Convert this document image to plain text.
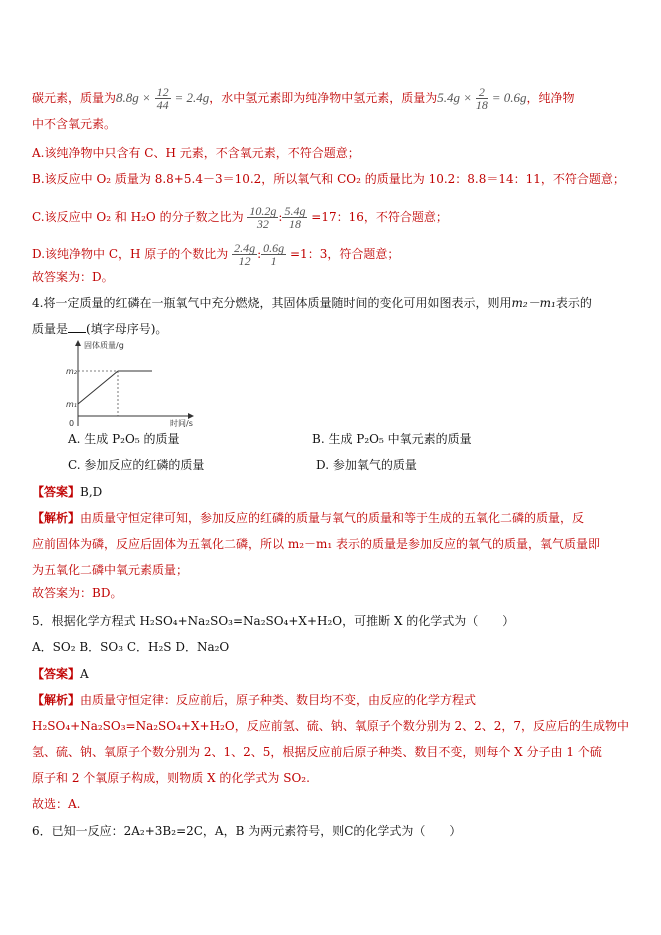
碳元素，质量为$8.8g \times \frac{12}{44} = 2.4g$，水中氢元素即为纯净物中氢元素，质量为$5.4g \times \frac{2}{18} = 0.6g$，纯净物
中不含氧元素。
A.该纯净物中只含有 C、H 元素，不含氧元素，不符合题意；
B.该反应中 O₂ 质量为 8.8+5.4－3＝10.2，所以氧气和 CO₂ 的质量比为 10.2：8.8＝14：11，不符合题意；
C.该反应中 O₂ 和 H₂O 的分子数之比为 $\frac{10.2g}{32}$ : $\frac{5.4g}{18} =17$：16，不符合题意；
D.该纯净物中 C，H 原子的个数比为 $\frac{2.4g}{12}$ : $\frac{0.6g}{1} =1$：3，符合题意；
故答案为：D。
4.将一定质量的红磷在一瓶氧气中充分燃烧，其固体质量随时间的变化可用如图表示，则用m₂－m₁表示的
质量是 (填字母序号)。
固体质量/g
时间/s
m₂
m₁
0
A. 生成 P₂O₅ 的质量	B. 生成 P₂O₅ 中氧元素的质量
C. 参加反应的红磷的质量	D. 参加氧气的质量
【答案】B,D
【解析】由质量守恒定律可知，参加反应的红磷的质量与氧气的质量和等于生成的五氧化二磷的质量，反
应前固体为磷，反应后固体为五氧化二磷，所以 m₂－m₁ 表示的质量是参加反应的氧气的质量，氧气质量即
为五氧化二磷中氧元素质量；
故答案为：BD。
5．根据化学方程式 H₂SO₄+Na₂SO₃=Na₂SO₄+X+H₂O，可推断 X 的化学式为（　　）
A．SO₂ B．SO₃ C．H₂S D．Na₂O
【答案】A
【解析】由质量守恒定律：反应前后，原子种类、数目均不变，由反应的化学方程式
H₂SO₄+Na₂SO₃=Na₂SO₄+X+H₂O，反应前氢、硫、钠、氧原子个数分别为 2、2、2，7，反应后的生成物中
氢、硫、钠、氧原子个数分别为 2、1、2、5，根据反应前后原子种类、数目不变，则每个 X 分子由 1 个硫
原子和 2 个氧原子构成，则物质 X 的化学式为 SO₂.
故选：A.
6．已知一反应：2A₂+3B₂=2C，A，B 为两元素符号，则C的化学式为（　　）
